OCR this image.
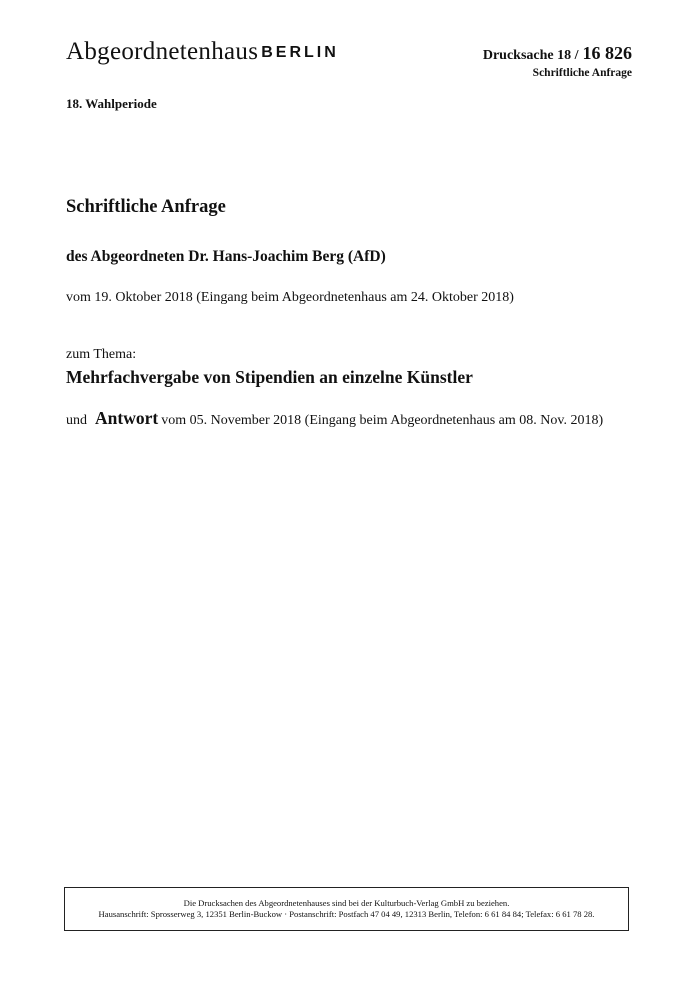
Abgeordnetenhaus BERLIN	Drucksache 18 / 16 826
Schriftliche Anfrage
18. Wahlperiode
Schriftliche Anfrage
des Abgeordneten Dr. Hans-Joachim Berg (AfD)
vom 19. Oktober 2018 (Eingang beim Abgeordnetenhaus am 24. Oktober 2018)
zum Thema:
Mehrfachvergabe von Stipendien an einzelne Künstler
und Antwort vom 05. November 2018 (Eingang beim Abgeordnetenhaus am 08. Nov. 2018)
Die Drucksachen des Abgeordnetenhauses sind bei der Kulturbuch-Verlag GmbH zu beziehen.
Hausanschrift: Sprosserweg 3, 12351 Berlin-Buckow · Postanschrift: Postfach 47 04 49, 12313 Berlin, Telefon: 6 61 84 84; Telefax: 6 61 78 28.
